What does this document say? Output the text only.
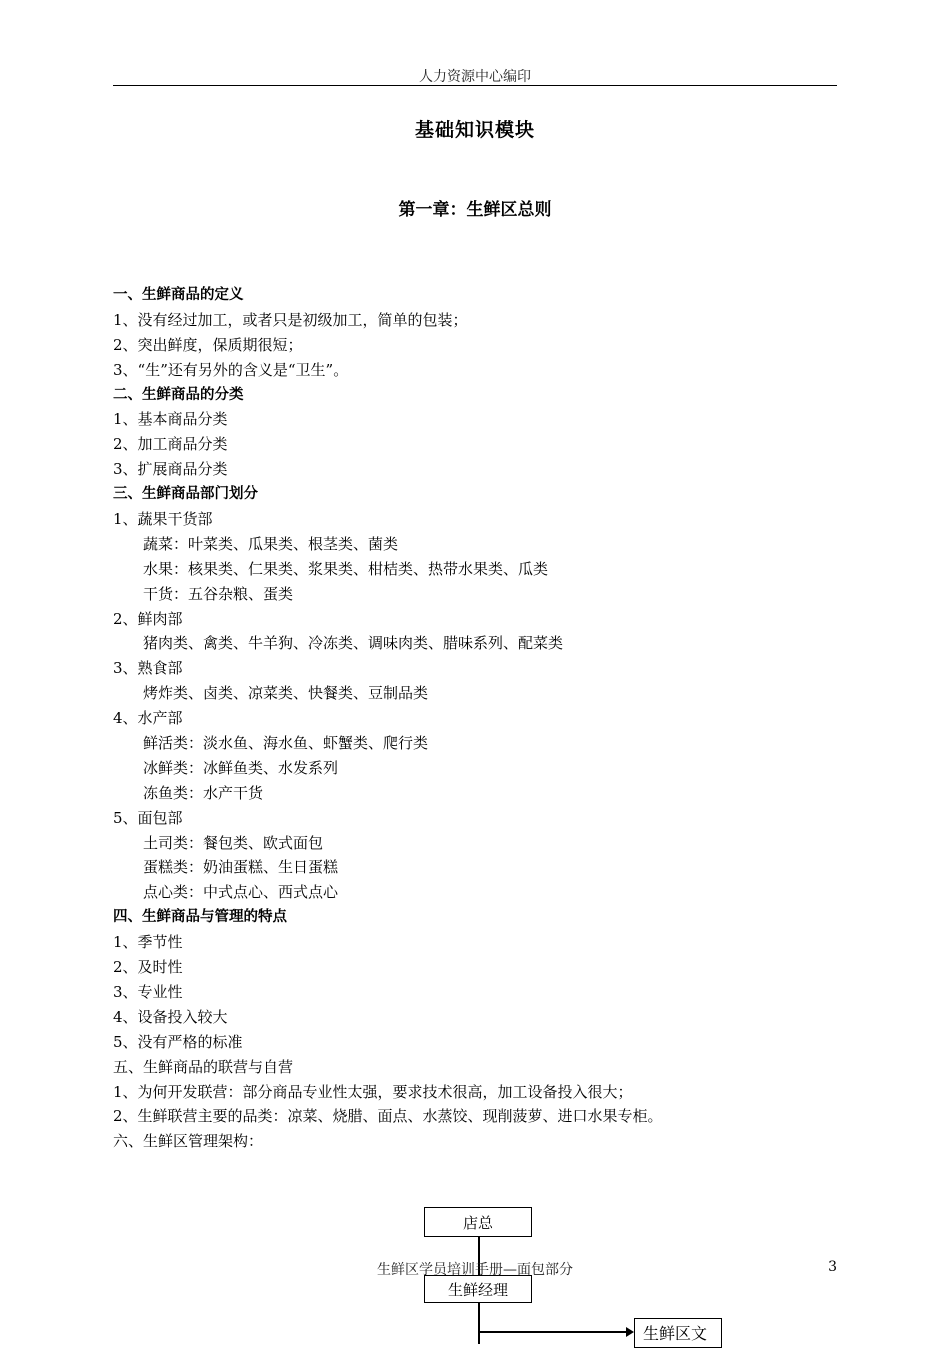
人力资源中心编印
基础知识模块
第一章：生鲜区总则
一、生鲜商品的定义
1、没有经过加工，或者只是初级加工，简单的包装；
2、突出鲜度，保质期很短；
3、“生”还有另外的含义是“卫生”。
二、生鲜商品的分类
1、基本商品分类
2、加工商品分类
3、扩展商品分类
三、生鲜商品部门划分
1、蔬果干货部
蔬菜：叶菜类、瓜果类、根茎类、菌类
水果：核果类、仁果类、浆果类、柑桔类、热带水果类、瓜类
干货：五谷杂粮、蛋类
2、鲜肉部
猪肉类、禽类、牛羊狗、冷冻类、调味肉类、腊味系列、配菜类
3、熟食部
烤炸类、卤类、凉菜类、快餐类、豆制品类
4、水产部
鲜活类：淡水鱼、海水鱼、虾蟹类、爬行类
冰鲜类：冰鲜鱼类、水发系列
冻鱼类：水产干货
5、面包部
土司类：餐包类、欧式面包
蛋糕类：奶油蛋糕、生日蛋糕
点心类：中式点心、西式点心
四、生鲜商品与管理的特点
1、季节性
2、及时性
3、专业性
4、设备投入较大
5、没有严格的标准
五、生鲜商品的联营与自营
1、为何开发联营：部分商品专业性太强，要求技术很高，加工设备投入很大；
2、生鲜联营主要的品类：凉菜、烧腊、面点、水蒸饺、现削菠萝、进口水果专柜。
六、生鲜区管理架构：
店总
生鲜经理
生鲜区文
生鲜区学员培训手册—面包部分	3
